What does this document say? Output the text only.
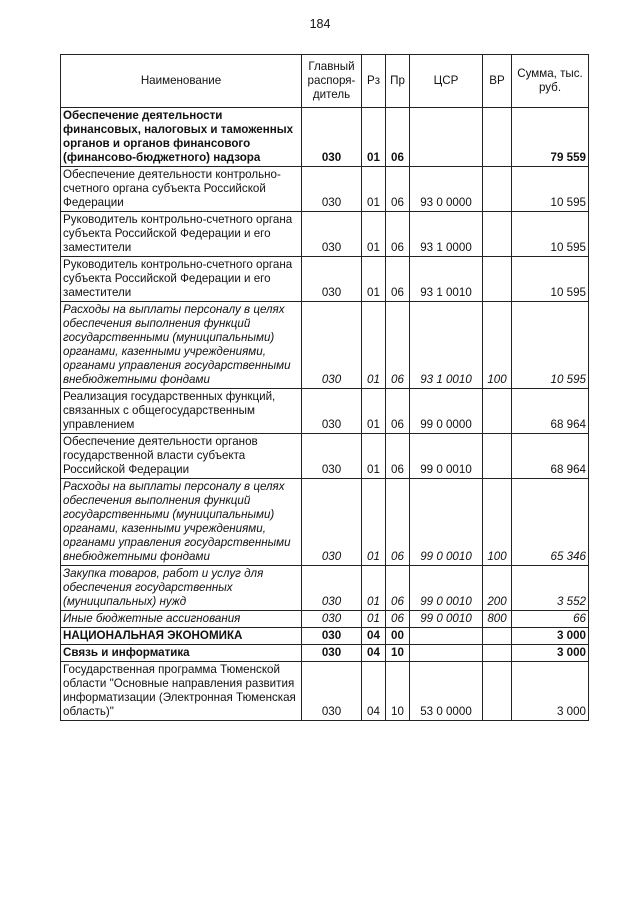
184
Наименование	Главный распоря-дитель	Рз	Пр	ЦСР	ВР	Сумма, тыс. руб.
Обеспечение деятельности финансовых, налоговых и таможенных органов и органов финансового (финансово-бюджетного) надзора	030	01	06			79 559
Обеспечение деятельности контрольно-счетного органа субъекта Российской Федерации	030	01	06	93 0 0000		10 595
Руководитель контрольно-счетного органа субъекта Российской Федерации и его заместители	030	01	06	93 1 0000		10 595
Руководитель контрольно-счетного органа субъекта Российской Федерации и его заместители	030	01	06	93 1 0010		10 595
Расходы на выплаты персоналу в целях обеспечения выполнения функций государственными (муниципальными) органами, казенными учреждениями, органами управления государственными внебюджетными фондами	030	01	06	93 1 0010	100	10 595
Реализация государственных функций, связанных с общегосударственным управлением	030	01	06	99 0 0000		68 964
Обеспечение деятельности органов государственной власти субъекта Российской Федерации	030	01	06	99 0 0010		68 964
Расходы на выплаты персоналу в целях обеспечения выполнения функций государственными (муниципальными) органами, казенными учреждениями, органами управления государственными внебюджетными фондами	030	01	06	99 0 0010	100	65 346
Закупка товаров, работ и услуг для обеспечения государственных (муниципальных) нужд	030	01	06	99 0 0010	200	3 552
Иные бюджетные ассигнования	030	01	06	99 0 0010	800	66
НАЦИОНАЛЬНАЯ ЭКОНОМИКА	030	04	00			3 000
Связь и информатика	030	04	10			3 000
Государственная программа Тюменской области "Основные направления развития информатизации (Электронная Тюменская область)"	030	04	10	53 0 0000		3 000
